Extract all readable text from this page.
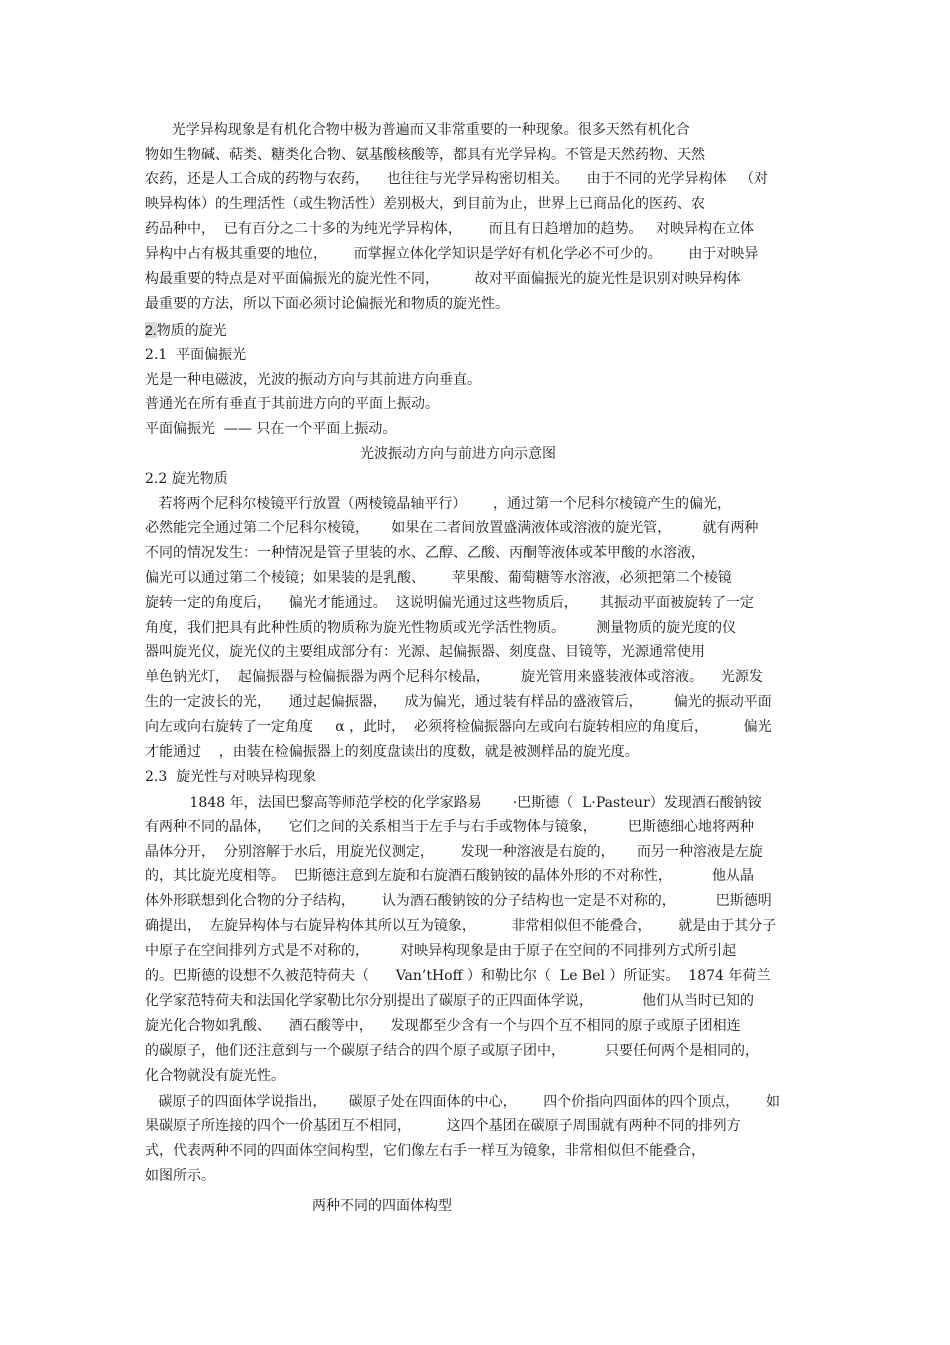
光学异构现象是有机化合物中极为普遍而又非常重要的一种现象。很多天然有机化合
物如生物碱、萜类、糖类化合物、氨基酸核酸等，都具有光学异构。不管是天然药物、天然
农药，还是人工合成的药物与农药，    也往往与光学异构密切相关。    由于不同的光学异构体   （对
映异构体）的生理活性（或生物活性）差别极大，到目前为止，世界上已商品化的医药、农
药品种中，  已有百分之二十多的为纯光学异构体，      而且有日趋增加的趋势。   对映异构在立体
异构中占有极其重要的地位，      而掌握立体化学知识是学好有机化学必不可少的。      由于对映异
构最重要的特点是对平面偏振光的旋光性不同，        故对平面偏振光的旋光性是识别对映异构体
最重要的方法，所以下面必须讨论偏振光和物质的旋光性。
2.物质的旋光
2.1  平面偏振光
光是一种电磁波，光波的振动方向与其前进方向垂直。
普通光在所有垂直于其前进方向的平面上振动。
平面偏振光  —— 只在一个平面上振动。
光波振动方向与前进方向示意图
2.2 旋光物质
若将两个尼科尔棱镜平行放置（两棱镜晶轴平行）      ，通过第一个尼科尔棱镜产生的偏光，
必然能完全通过第二个尼科尔棱镜，     如果在二者间放置盛满液体或溶液的旋光管，       就有两种
不同的情况发生：一种情况是管子里装的水、乙醇、乙酸、丙酮等液体或苯甲酸的水溶液，
偏光可以通过第二个棱镜；如果装的是乳酸、      苹果酸、葡萄糖等水溶液，必须把第二个棱镜
旋转一定的角度后，    偏光才能通过。  这说明偏光通过这些物质后，     其振动平面被旋转了一定
角度，我们把具有此种性质的物质称为旋光性物质或光学活性物质。       测量物质的旋光度的仪
器叫旋光仪，旋光仪的主要组成部分有：光源、起偏振器、刻度盘、目镜等，光源通常使用
单色钠光灯，  起偏振器与检偏振器为两个尼科尔棱晶，       旋光管用来盛装液体或溶液。    光源发
生的一定波长的光，    通过起偏振器，    成为偏光，通过装有样品的盛液管后，       偏光的振动平面
向左或向右旋转了一定角度     α ，此时，  必须将检偏振器向左或向右旋转相应的角度后，        偏光
才能通过    ，由装在检偏振器上的刻度盘读出的度数，就是被测样品的旋光度。
2.3  旋光性与对映异构现象
1848 年，法国巴黎高等师范学校的化学家路易       ·巴斯德（  L·Pasteur）发现酒石酸钠铵
有两种不同的晶体，    它们之间的关系相当于左手与右手或物体与镜象，       巴斯德细心地将两种
晶体分开，  分别溶解于水后，用旋光仪测定，      发现一种溶液是右旋的，     而另一种溶液是左旋
的，其比旋光度相等。  巴斯德注意到左旋和右旋酒石酸钠铵的晶体外形的不对称性，         他从晶
体外形联想到化合物的分子结构，      认为酒石酸钠铵的分子结构也一定是不对称的，         巴斯德明
确提出，  左旋异构体与右旋异构体其所以互为镜象，        非常相似但不能叠合，      就是由于其分子
中原子在空间排列方式是不对称的，       对映异构现象是由于原子在空间的不同排列方式所引起
的。巴斯德的设想不久被范特荷夫（      Van’tHoff ）和勒比尔（  Le Bel ）所证实。  1874 年荷兰
化学家范特荷夫和法国化学家勒比尔分别提出了碳原子的正四面体学说，           他们从当时已知的
旋光化合物如乳酸、    酒石酸等中，    发现都至少含有一个与四个互不相同的原子或原子团相连
的碳原子，他们还注意到与一个碳原子结合的四个原子或原子团中，         只要任何两个是相同的，
化合物就没有旋光性。
碳原子的四面体学说指出，     碳原子处在四面体的中心，      四个价指向四面体的四个顶点，      如
果碳原子所连接的四个一价基团互不相同，        这四个基团在碳原子周围就有两种不同的排列方
式，代表两种不同的四面体空间构型，它们像左右手一样互为镜象，非常相似但不能叠合，
如图所示。
两种不同的四面体构型
